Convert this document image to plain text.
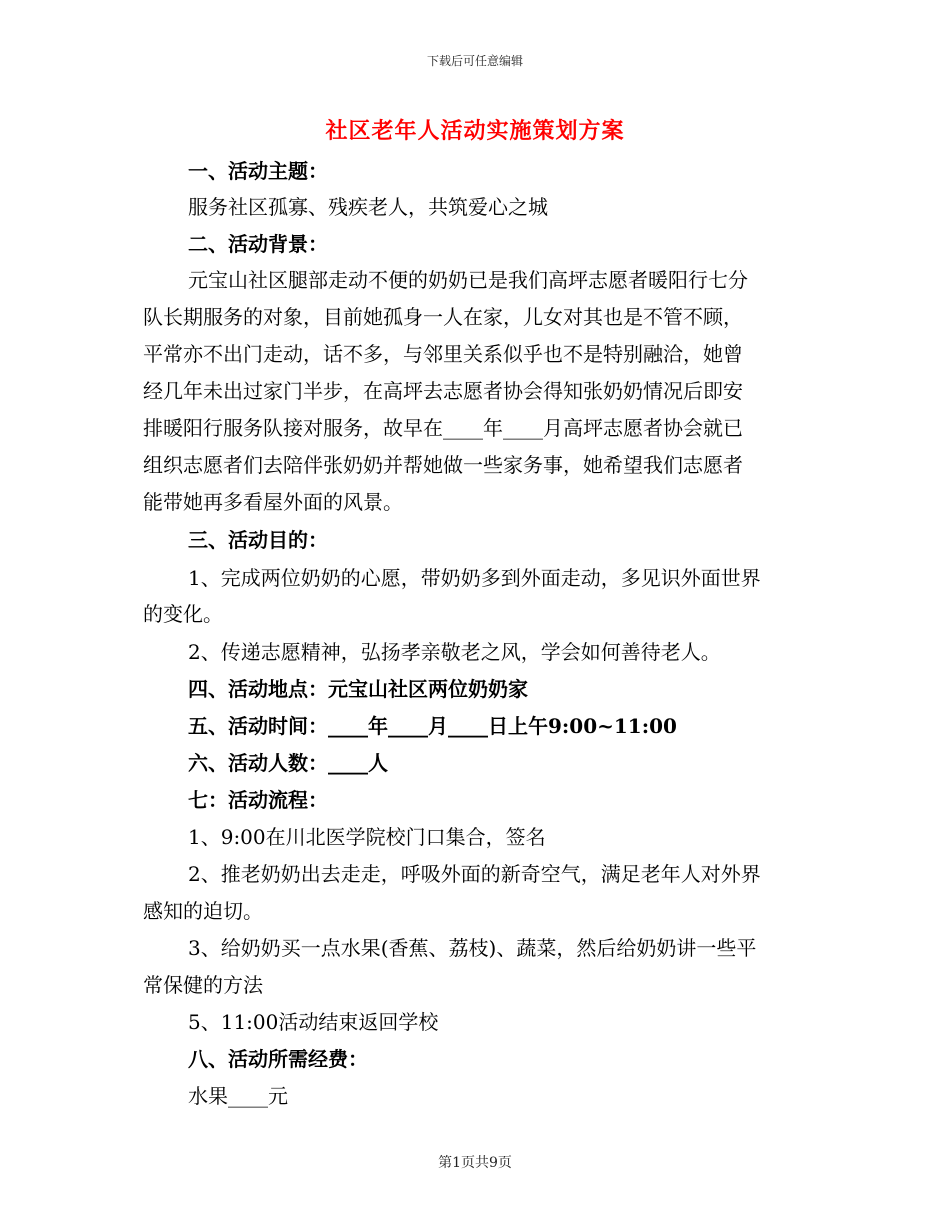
下载后可任意编辑
社区老年人活动实施策划方案
一、活动主题：
服务社区孤寡、残疾老人，共筑爱心之城
二、活动背景：
元宝山社区腿部走动不便的奶奶已是我们高坪志愿者暖阳行七分
队长期服务的对象，目前她孤身一人在家，儿女对其也是不管不顾，
平常亦不出门走动，话不多，与邻里关系似乎也不是特别融洽，她曾
经几年未出过家门半步，在高坪去志愿者协会得知张奶奶情况后即安
排暖阳行服务队接对服务，故早在____年____月高坪志愿者协会就已
组织志愿者们去陪伴张奶奶并帮她做一些家务事，她希望我们志愿者
能带她再多看屋外面的风景。
三、活动目的：
1、完成两位奶奶的心愿，带奶奶多到外面走动，多见识外面世界
的变化。
2、传递志愿精神，弘扬孝亲敬老之风，学会如何善待老人。
四、活动地点：元宝山社区两位奶奶家
五、活动时间：____年____月____日上午9:00~11:00
六、活动人数：____人
七：活动流程：
1、9:00在川北医学院校门口集合，签名
2、推老奶奶出去走走，呼吸外面的新奇空气，满足老年人对外界
感知的迫切。
3、给奶奶买一点水果(香蕉、荔枝)、蔬菜，然后给奶奶讲一些平
常保健的方法
5、11:00活动结束返回学校
八、活动所需经费：
水果____元
第1页共9页
